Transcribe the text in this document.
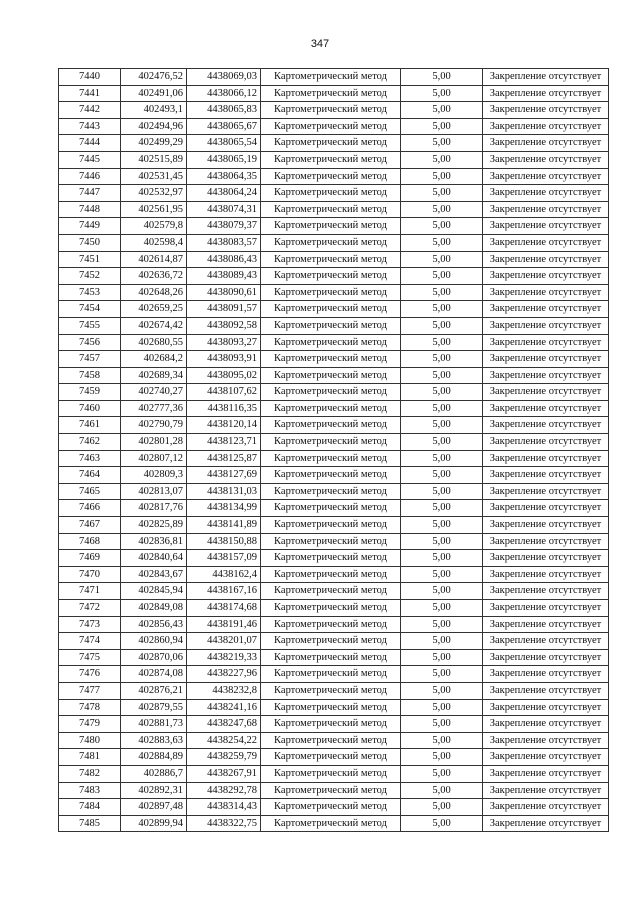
347
7440	402476,52	4438069,03	Картометрический метод	5,00	Закрепление отсутствует
7441	402491,06	4438066,12	Картометрический метод	5,00	Закрепление отсутствует
7442	402493,1	4438065,83	Картометрический метод	5,00	Закрепление отсутствует
7443	402494,96	4438065,67	Картометрический метод	5,00	Закрепление отсутствует
7444	402499,29	4438065,54	Картометрический метод	5,00	Закрепление отсутствует
7445	402515,89	4438065,19	Картометрический метод	5,00	Закрепление отсутствует
7446	402531,45	4438064,35	Картометрический метод	5,00	Закрепление отсутствует
7447	402532,97	4438064,24	Картометрический метод	5,00	Закрепление отсутствует
7448	402561,95	4438074,31	Картометрический метод	5,00	Закрепление отсутствует
7449	402579,8	4438079,37	Картометрический метод	5,00	Закрепление отсутствует
7450	402598,4	4438083,57	Картометрический метод	5,00	Закрепление отсутствует
7451	402614,87	4438086,43	Картометрический метод	5,00	Закрепление отсутствует
7452	402636,72	4438089,43	Картометрический метод	5,00	Закрепление отсутствует
7453	402648,26	4438090,61	Картометрический метод	5,00	Закрепление отсутствует
7454	402659,25	4438091,57	Картометрический метод	5,00	Закрепление отсутствует
7455	402674,42	4438092,58	Картометрический метод	5,00	Закрепление отсутствует
7456	402680,55	4438093,27	Картометрический метод	5,00	Закрепление отсутствует
7457	402684,2	4438093,91	Картометрический метод	5,00	Закрепление отсутствует
7458	402689,34	4438095,02	Картометрический метод	5,00	Закрепление отсутствует
7459	402740,27	4438107,62	Картометрический метод	5,00	Закрепление отсутствует
7460	402777,36	4438116,35	Картометрический метод	5,00	Закрепление отсутствует
7461	402790,79	4438120,14	Картометрический метод	5,00	Закрепление отсутствует
7462	402801,28	4438123,71	Картометрический метод	5,00	Закрепление отсутствует
7463	402807,12	4438125,87	Картометрический метод	5,00	Закрепление отсутствует
7464	402809,3	4438127,69	Картометрический метод	5,00	Закрепление отсутствует
7465	402813,07	4438131,03	Картометрический метод	5,00	Закрепление отсутствует
7466	402817,76	4438134,99	Картометрический метод	5,00	Закрепление отсутствует
7467	402825,89	4438141,89	Картометрический метод	5,00	Закрепление отсутствует
7468	402836,81	4438150,88	Картометрический метод	5,00	Закрепление отсутствует
7469	402840,64	4438157,09	Картометрический метод	5,00	Закрепление отсутствует
7470	402843,67	4438162,4	Картометрический метод	5,00	Закрепление отсутствует
7471	402845,94	4438167,16	Картометрический метод	5,00	Закрепление отсутствует
7472	402849,08	4438174,68	Картометрический метод	5,00	Закрепление отсутствует
7473	402856,43	4438191,46	Картометрический метод	5,00	Закрепление отсутствует
7474	402860,94	4438201,07	Картометрический метод	5,00	Закрепление отсутствует
7475	402870,06	4438219,33	Картометрический метод	5,00	Закрепление отсутствует
7476	402874,08	4438227,96	Картометрический метод	5,00	Закрепление отсутствует
7477	402876,21	4438232,8	Картометрический метод	5,00	Закрепление отсутствует
7478	402879,55	4438241,16	Картометрический метод	5,00	Закрепление отсутствует
7479	402881,73	4438247,68	Картометрический метод	5,00	Закрепление отсутствует
7480	402883,63	4438254,22	Картометрический метод	5,00	Закрепление отсутствует
7481	402884,89	4438259,79	Картометрический метод	5,00	Закрепление отсутствует
7482	402886,7	4438267,91	Картометрический метод	5,00	Закрепление отсутствует
7483	402892,31	4438292,78	Картометрический метод	5,00	Закрепление отсутствует
7484	402897,48	4438314,43	Картометрический метод	5,00	Закрепление отсутствует
7485	402899,94	4438322,75	Картометрический метод	5,00	Закрепление отсутствует
